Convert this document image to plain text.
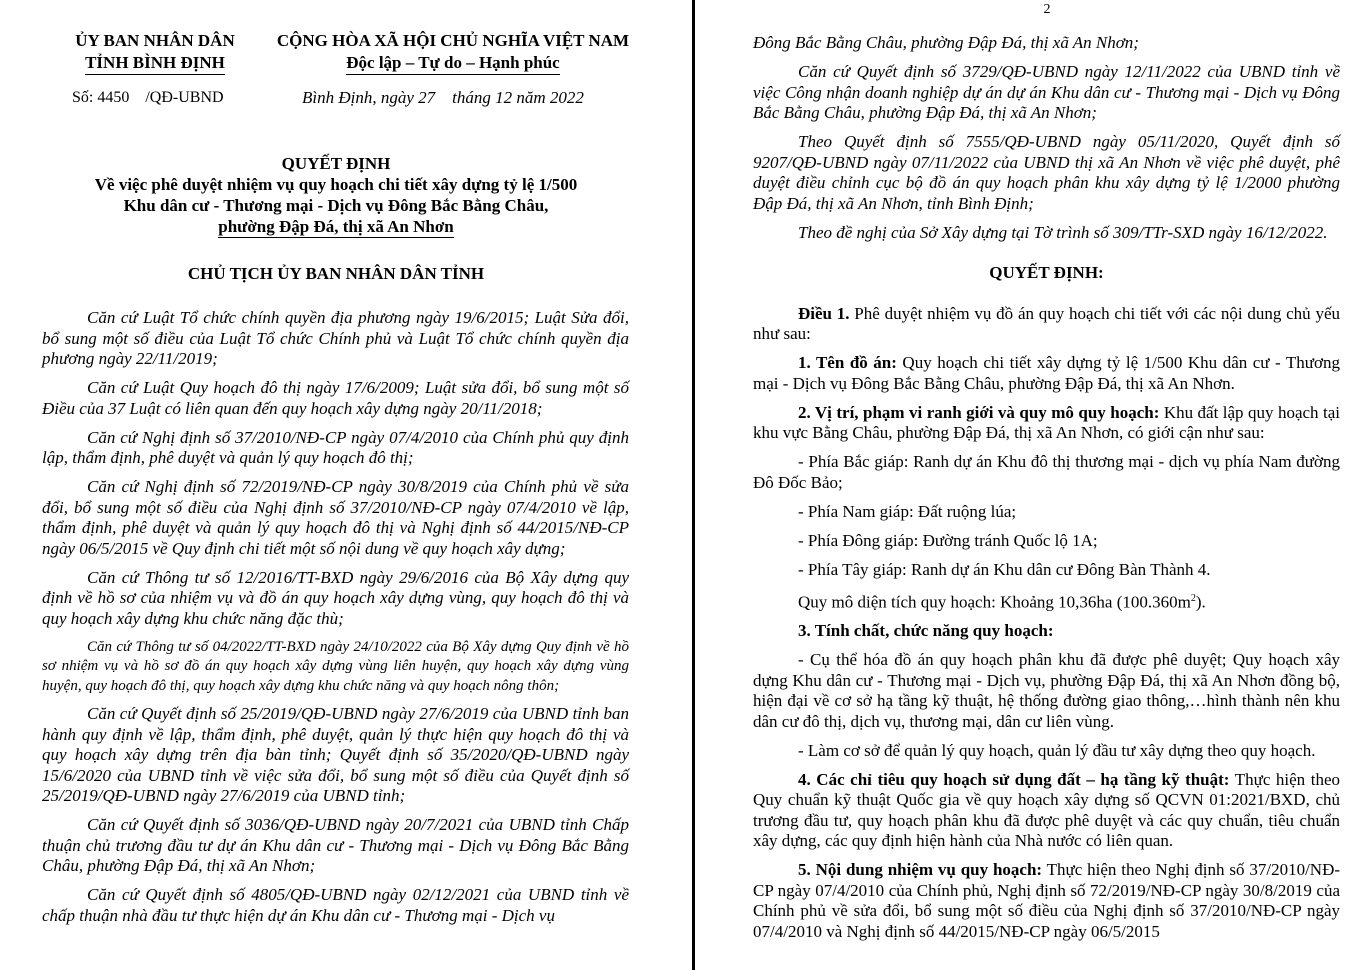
ỦY BAN NHÂN DÂN
TỈNH BÌNH ĐỊNH
CỘNG HÒA XÃ HỘI CHỦ NGHĨA VIỆT NAM
Độc lập – Tự do – Hạnh phúc
Số: 4450    /QĐ-UBND	Bình Định, ngày 27    tháng 12 năm 2022
QUYẾT ĐỊNH
Về việc phê duyệt nhiệm vụ quy hoạch chi tiết xây dựng tỷ lệ 1/500
Khu dân cư - Thương mại - Dịch vụ Đông Bắc Bằng Châu,
phường Đập Đá, thị xã An Nhơn
CHỦ TỊCH ỦY BAN NHÂN DÂN TỈNH

Căn cứ Luật Tổ chức chính quyền địa phương ngày 19/6/2015; Luật Sửa đổi, bổ sung một số điều của Luật Tổ chức Chính phủ và Luật Tổ chức chính quyền địa phương ngày 22/11/2019;

Căn cứ Luật Quy hoạch đô thị ngày 17/6/2009; Luật sửa đổi, bổ sung một số Điều của 37 Luật có liên quan đến quy hoạch xây dựng ngày 20/11/2018;

Căn cứ Nghị định số 37/2010/NĐ-CP ngày 07/4/2010 của Chính phủ quy định lập, thẩm định, phê duyệt và quản lý quy hoạch đô thị;

Căn cứ Nghị định số 72/2019/NĐ-CP ngày 30/8/2019 của Chính phủ về sửa đổi, bổ sung một số điều của Nghị định số 37/2010/NĐ-CP ngày 07/4/2010 về lập, thẩm định, phê duyệt và quản lý quy hoạch đô thị và Nghị định số 44/2015/NĐ-CP ngày 06/5/2015 về Quy định chi tiết một số nội dung về quy hoạch xây dựng;

Căn cứ Thông tư số 12/2016/TT-BXD ngày 29/6/2016 của Bộ Xây dựng quy định về hồ sơ của nhiệm vụ và đồ án quy hoạch xây dựng vùng, quy hoạch đô thị và quy hoạch xây dựng khu chức năng đặc thù;

Căn cứ Thông tư số 04/2022/TT-BXD ngày 24/10/2022 của Bộ Xây dựng Quy định về hồ sơ nhiệm vụ và hồ sơ đồ án quy hoạch xây dựng vùng liên huyện, quy hoạch xây dựng vùng huyện, quy hoạch đô thị, quy hoạch xây dựng khu chức năng và quy hoạch nông thôn;

Căn cứ Quyết định số 25/2019/QĐ-UBND ngày 27/6/2019 của UBND tỉnh ban hành quy định về lập, thẩm định, phê duyệt, quản lý thực hiện quy hoạch đô thị và quy hoạch xây dựng trên địa bàn tỉnh; Quyết định số 35/2020/QĐ-UBND ngày 15/6/2020 của UBND tỉnh về việc sửa đổi, bổ sung một số điều của Quyết định số 25/2019/QĐ-UBND ngày 27/6/2019 của UBND tỉnh;

Căn cứ Quyết định số 3036/QĐ-UBND ngày 20/7/2021 của UBND tỉnh Chấp thuận chủ trương đầu tư dự án Khu dân cư - Thương mại - Dịch vụ Đông Bắc Bằng Châu, phường Đập Đá, thị xã An Nhơn;

Căn cứ Quyết định số 4805/QĐ-UBND ngày 02/12/2021 của UBND tỉnh về chấp thuận nhà đầu tư thực hiện dự án Khu dân cư - Thương mại - Dịch vụ

2

Đông Bắc Bằng Châu, phường Đập Đá, thị xã An Nhơn;

Căn cứ Quyết định số 3729/QĐ-UBND ngày 12/11/2022 của UBND tỉnh về việc Công nhận doanh nghiệp dự án dự án Khu dân cư - Thương mại - Dịch vụ Đông Bắc Bằng Châu, phường Đập Đá, thị xã An Nhơn;

Theo Quyết định số 7555/QĐ-UBND ngày 05/11/2020, Quyết định số 9207/QĐ-UBND ngày 07/11/2022 của UBND thị xã An Nhơn về việc phê duyệt, phê duyệt điều chỉnh cục bộ đồ án quy hoạch phân khu xây dựng tỷ lệ 1/2000 phường Đập Đá, thị xã An Nhơn, tỉnh Bình Định;

Theo đề nghị của Sở Xây dựng tại Tờ trình số 309/TTr-SXD ngày 16/12/2022.

QUYẾT ĐỊNH:

Điều 1. Phê duyệt nhiệm vụ đồ án quy hoạch chi tiết với các nội dung chủ yếu như sau:

1. Tên đồ án: Quy hoạch chi tiết xây dựng tỷ lệ 1/500 Khu dân cư - Thương mại - Dịch vụ Đông Bắc Bằng Châu, phường Đập Đá, thị xã An Nhơn.

2. Vị trí, phạm vi ranh giới và quy mô quy hoạch: Khu đất lập quy hoạch tại khu vực Bằng Châu, phường Đập Đá, thị xã An Nhơn, có giới cận như sau:

- Phía Bắc giáp: Ranh dự án Khu đô thị thương mại - dịch vụ phía Nam đường Đô Đốc Bảo;

- Phía Nam giáp: Đất ruộng lúa;

- Phía Đông giáp: Đường tránh Quốc lộ 1A;

- Phía Tây giáp: Ranh dự án Khu dân cư Đông Bàn Thành 4.

Quy mô diện tích quy hoạch: Khoảng 10,36ha $(100.360m^2)$.

3. Tính chất, chức năng quy hoạch:

- Cụ thể hóa đồ án quy hoạch phân khu đã được phê duyệt; Quy hoạch xây dựng Khu dân cư - Thương mại - Dịch vụ, phường Đập Đá, thị xã An Nhơn đồng bộ, hiện đại về cơ sở hạ tầng kỹ thuật, hệ thống đường giao thông,…hình thành nên khu dân cư đô thị, dịch vụ, thương mại, dân cư liên vùng.

- Làm cơ sở để quản lý quy hoạch, quản lý đầu tư xây dựng theo quy hoạch.

4. Các chỉ tiêu quy hoạch sử dụng đất – hạ tầng kỹ thuật: Thực hiện theo Quy chuẩn kỹ thuật Quốc gia về quy hoạch xây dựng số QCVN 01:2021/BXD, chủ trương đầu tư, quy hoạch phân khu đã được phê duyệt và các quy chuẩn, tiêu chuẩn xây dựng, các quy định hiện hành của Nhà nước có liên quan.

5. Nội dung nhiệm vụ quy hoạch: Thực hiện theo Nghị định số 37/2010/NĐ-CP ngày 07/4/2010 của Chính phủ, Nghị định số 72/2019/NĐ-CP ngày 30/8/2019 của Chính phủ về sửa đổi, bổ sung một số điều của Nghị định số 37/2010/NĐ-CP ngày 07/4/2010 và Nghị định số 44/2015/NĐ-CP ngày 06/5/2015
